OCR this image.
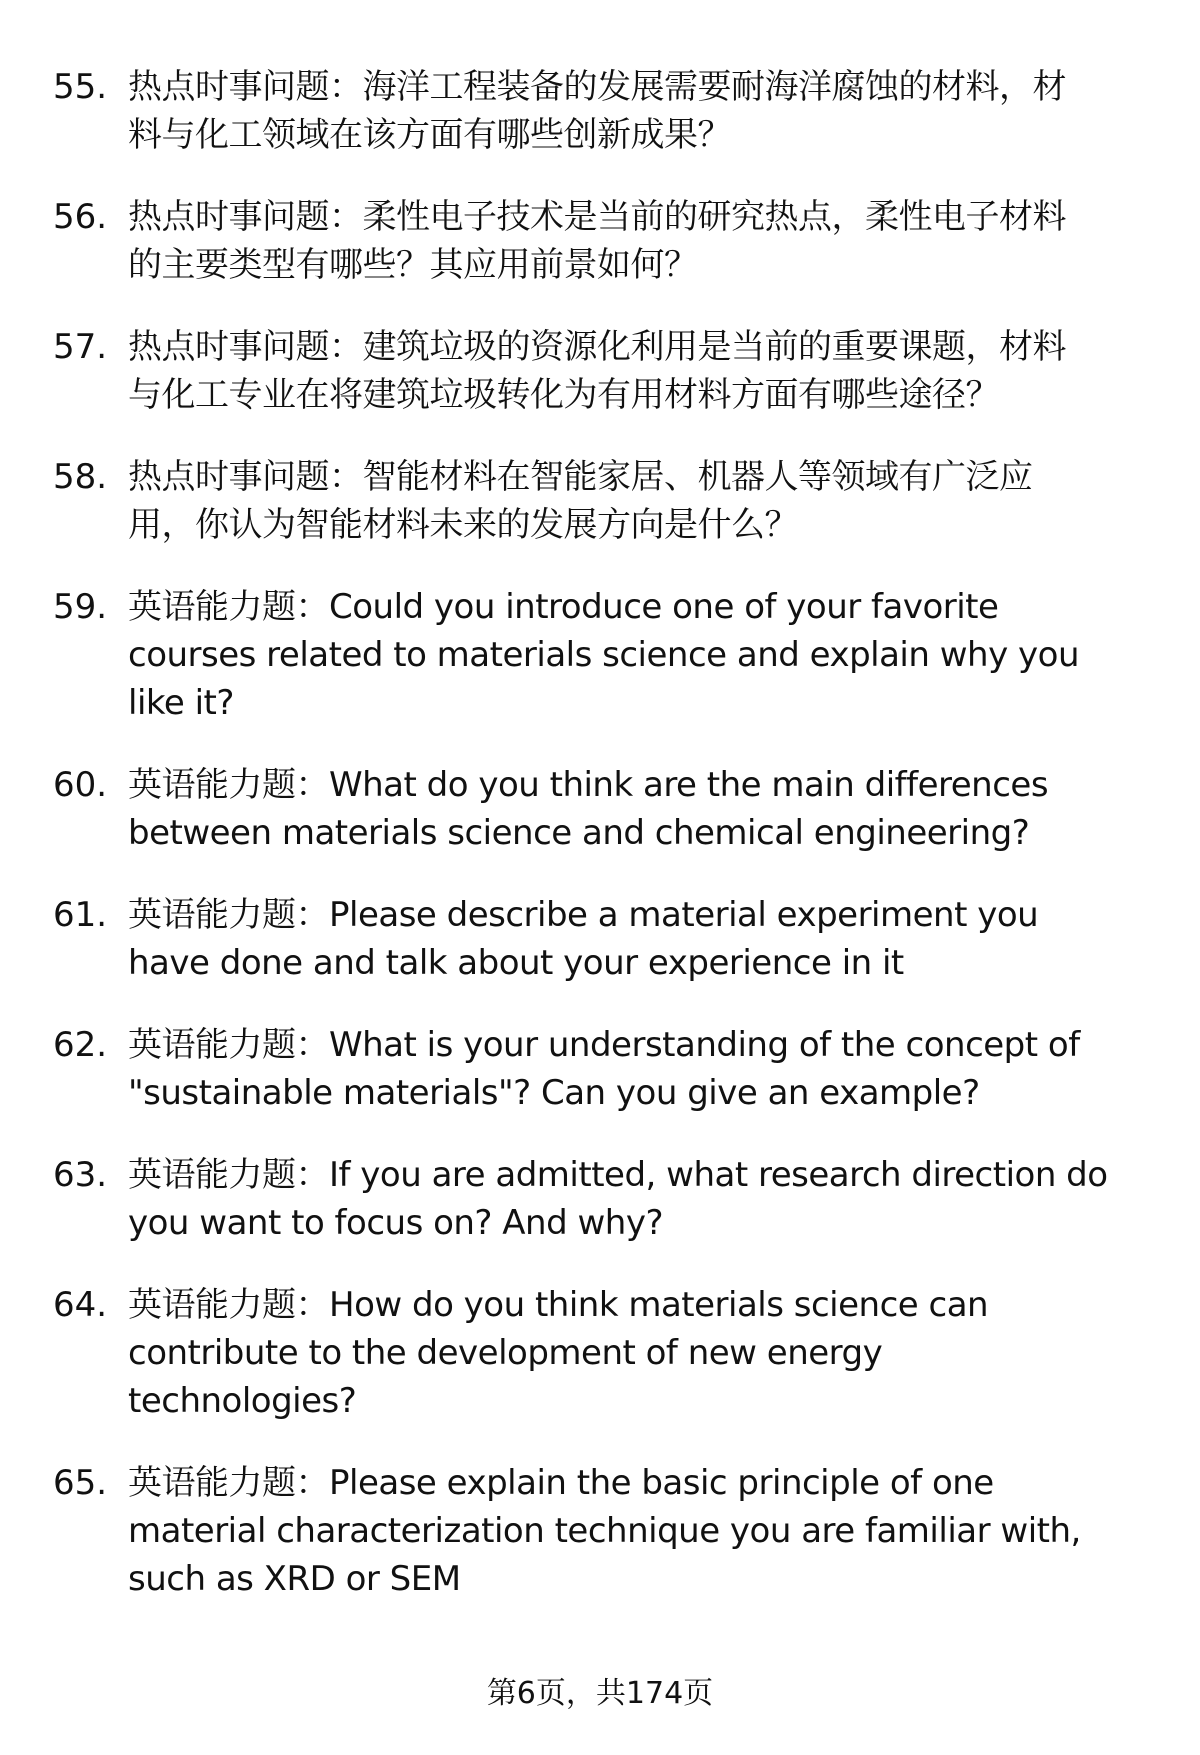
55. 热点时事问题：海洋工程装备的发展需要耐海洋腐蚀的材料，材
料与化工领域在该方面有哪些创新成果？
56. 热点时事问题：柔性电子技术是当前的研究热点，柔性电子材料
的主要类型有哪些？其应用前景如何？
57. 热点时事问题：建筑垃圾的资源化利用是当前的重要课题，材料
与化工专业在将建筑垃圾转化为有用材料方面有哪些途径？
58. 热点时事问题：智能材料在智能家居、机器人等领域有广泛应
用，你认为智能材料未来的发展方向是什么？
59. 英语能力题：Could you introduce one of your favorite
courses related to materials science and explain why you
like it?
60. 英语能力题：What do you think are the main differences
between materials science and chemical engineering?
61. 英语能力题：Please describe a material experiment you
have done and talk about your experience in it
62. 英语能力题：What is your understanding of the concept of
"sustainable materials"? Can you give an example?
63. 英语能力题：If you are admitted, what research direction do
you want to focus on? And why?
64. 英语能力题：How do you think materials science can
contribute to the development of new energy
technologies?
65. 英语能力题：Please explain the basic principle of one
material characterization technique you are familiar with,
such as XRD or SEM
第6页，共174页
